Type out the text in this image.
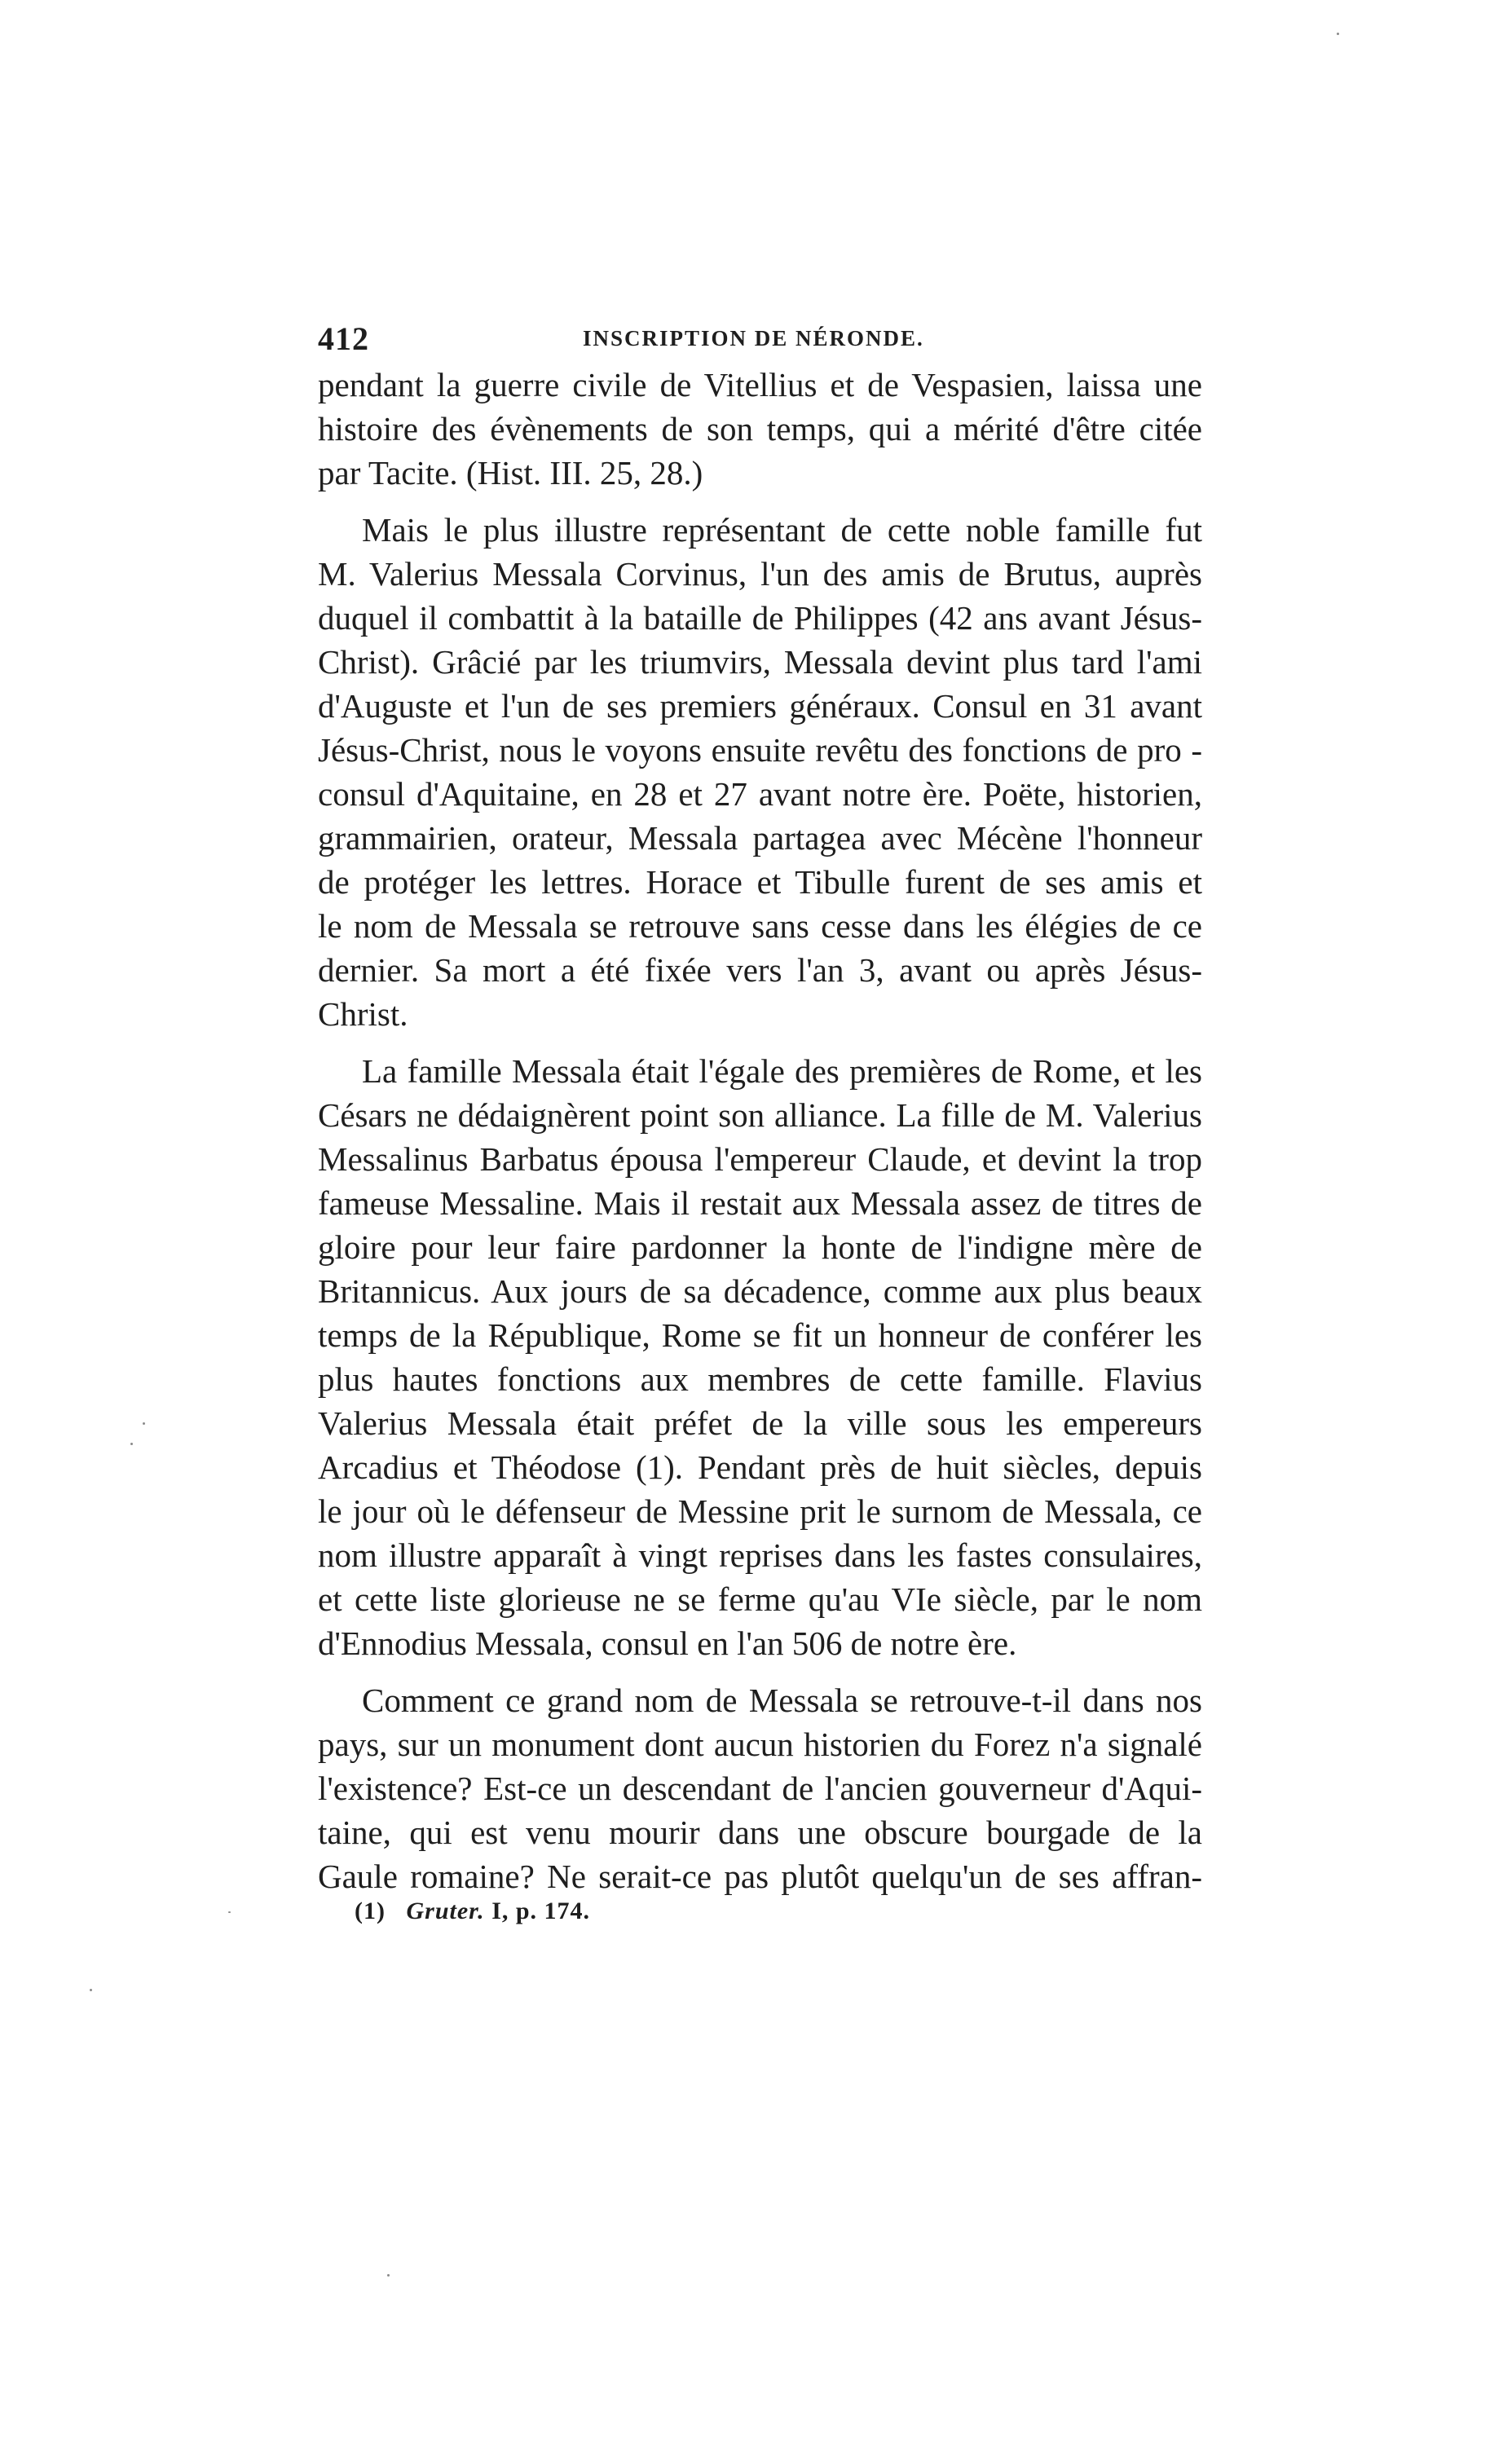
412	INSCRIPTION DE NÉRONDE.

pendant la guerre civile de Vitellius et de Vespasien, laissa une
histoire des évènements de son temps, qui a mérité d'être citée
par Tacite. (Hist. III. 25, 28.)

Mais le plus illustre représentant de cette noble famille fut
M. Valerius Messala Corvinus, l'un des amis de Brutus, auprès
duquel il combattit à la bataille de Philippes (42 ans avant Jésus-
Christ). Grâcié par les triumvirs, Messala devint plus tard l'ami
d'Auguste et l'un de ses premiers généraux. Consul en 31 avant
Jésus-Christ, nous le voyons ensuite revêtu des fonctions de pro -
consul d'Aquitaine, en 28 et 27 avant notre ère. Poëte, historien,
grammairien, orateur, Messala partagea avec Mécène l'honneur
de protéger les lettres. Horace et Tibulle furent de ses amis et
le nom de Messala se retrouve sans cesse dans les élégies de ce
dernier. Sa mort a été fixée vers l'an 3, avant ou après Jésus-
Christ.

La famille Messala était l'égale des premières de Rome, et les
Césars ne dédaignèrent point son alliance. La fille de M. Valerius
Messalinus Barbatus épousa l'empereur Claude, et devint la trop
fameuse Messaline. Mais il restait aux Messala assez de titres de
gloire pour leur faire pardonner la honte de l'indigne mère de
Britannicus. Aux jours de sa décadence, comme aux plus beaux
temps de la République, Rome se fit un honneur de conférer les
plus hautes fonctions aux membres de cette famille. Flavius
Valerius Messala était préfet de la ville sous les empereurs
Arcadius et Théodose (1). Pendant près de huit siècles, depuis
le jour où le défenseur de Messine prit le surnom de Messala, ce
nom illustre apparaît à vingt reprises dans les fastes consulaires,
et cette liste glorieuse ne se ferme qu'au VIe siècle, par le nom
d'Ennodius Messala, consul en l'an 506 de notre ère.

Comment ce grand nom de Messala se retrouve-t-il dans nos
pays, sur un monument dont aucun historien du Forez n'a signalé
l'existence? Est-ce un descendant de l'ancien gouverneur d'Aqui-
taine, qui est venu mourir dans une obscure bourgade de la
Gaule romaine? Ne serait-ce pas plutôt quelqu'un de ses affran-

(1) Gruter. I, p. 174.
